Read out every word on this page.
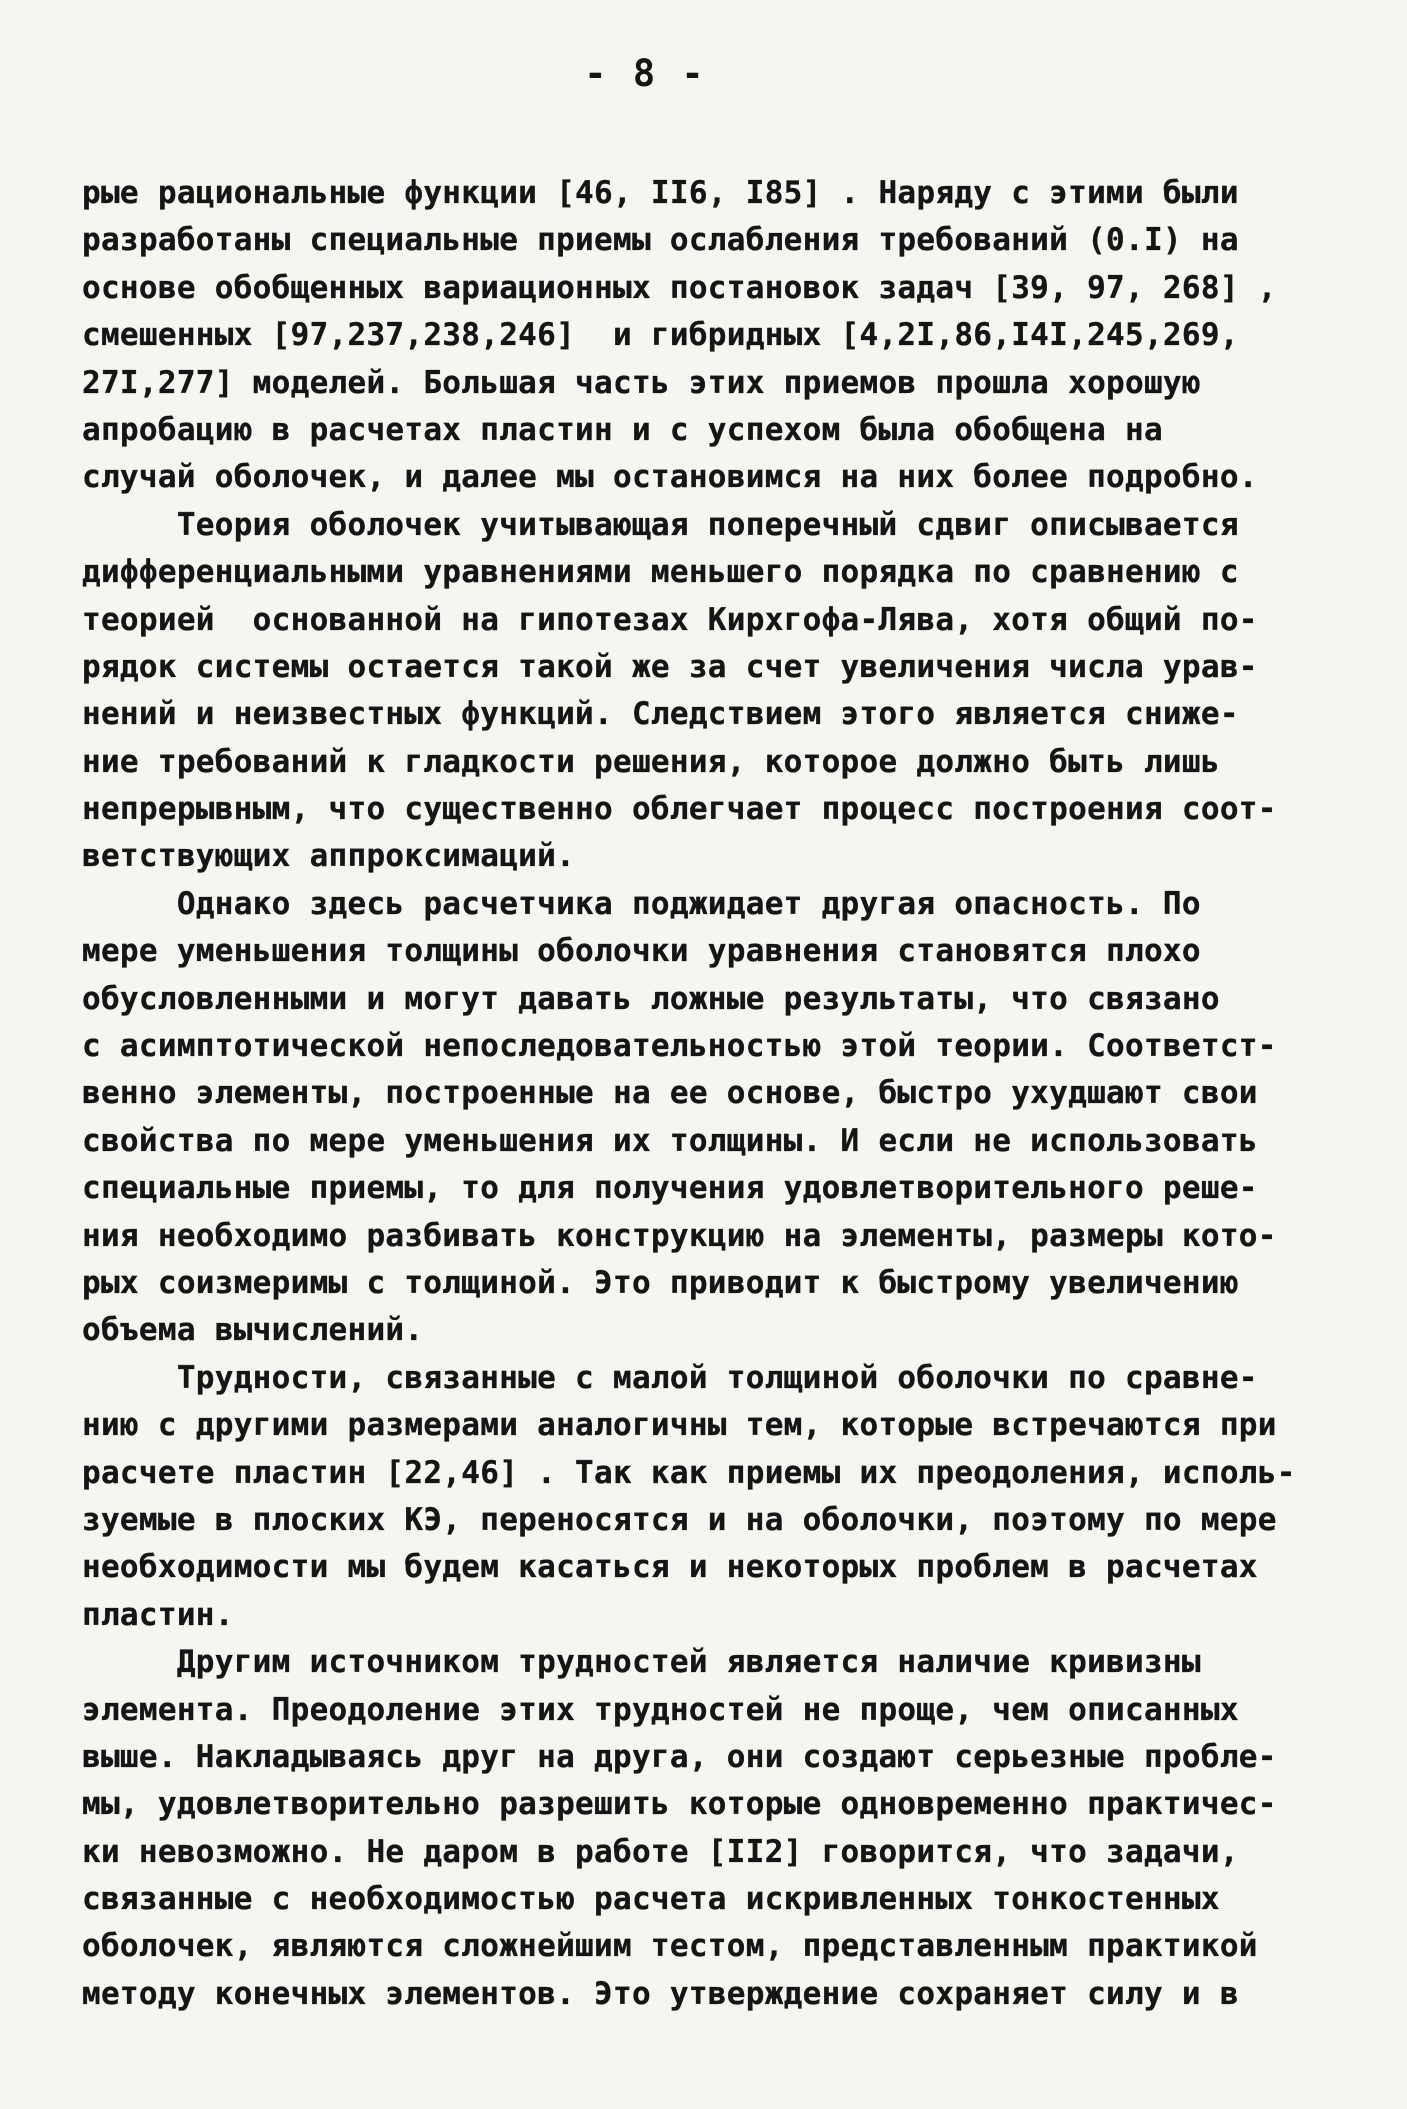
- 8 -
рые рациональные функции [46, II6, I85] . Наряду с этими были
разработаны специальные приемы ослабления требований (0.I) на
основе обобщенных вариационных постановок задач [39, 97, 268] ,
смешенных [97,237,238,246]  и гибридных [4,2I,86,I4I,245,269,
27I,277] моделей. Большая часть этих приемов прошла хорошую
апробацию в расчетах пластин и с успехом была обобщена на
случай оболочек, и далее мы остановимся на них более подробно.
Теория оболочек учитывающая поперечный сдвиг описывается
дифференциальными уравнениями меньшего порядка по сравнению с
теорией  основанной на гипотезах Кирхгофа-Лява, хотя общий по-
рядок системы остается такой же за счет увеличения числа урав-
нений и неизвестных функций. Следствием этого является сниже-
ние требований к гладкости решения, которое должно быть лишь
непрерывным, что существенно облегчает процесс построения соот-
ветствующих аппроксимаций.
Однако здесь расчетчика поджидает другая опасность. По
мере уменьшения толщины оболочки уравнения становятся плохо
обусловленными и могут давать ложные результаты, что связано
с асимптотической непоследовательностью этой теории. Соответст-
венно элементы, построенные на ее основе, быстро ухудшают свои
свойства по мере уменьшения их толщины. И если не использовать
специальные приемы, то для получения удовлетворительного реше-
ния необходимо разбивать конструкцию на элементы, размеры кото-
рых соизмеримы с толщиной. Это приводит к быстрому увеличению
объема вычислений.
Трудности, связанные с малой толщиной оболочки по сравне-
нию с другими размерами аналогичны тем, которые встречаются при
расчете пластин [22,46] . Так как приемы их преодоления, исполь-
зуемые в плоских КЭ, переносятся и на оболочки, поэтому по мере
необходимости мы будем касаться и некоторых проблем в расчетах
пластин.
Другим источником трудностей является наличие кривизны
элемента. Преодоление этих трудностей не проще, чем описанных
выше. Накладываясь друг на друга, они создают серьезные пробле-
мы, удовлетворительно разрешить которые одновременно практичес-
ки невозможно. Не даром в работе [II2] говорится, что задачи,
связанные с необходимостью расчета искривленных тонкостенных
оболочек, являются сложнейшим тестом, представленным практикой
методу конечных элементов. Это утверждение сохраняет силу и в
